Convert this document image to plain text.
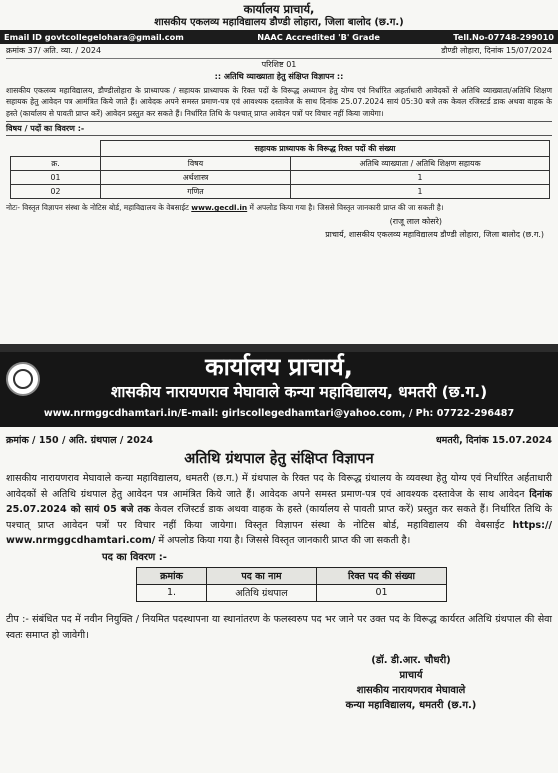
कार्यालय प्राचार्य,
शासकीय एकलव्य महाविद्यालय डौण्डी लोहारा, जिला बालोद (छ.ग.)
Email ID govtcollegelohara@gmail.com	NAAC Accredited 'B' Grade	Tell.No-07748-299010
क्रमांक 37/ अति. व्या. / 2024	डौण्डी लोहारा, दिनांक 15/07/2024
परिशिष्ट 01
:: अतिथि व्याख्याता हेतु संक्षिप्त विज्ञापन ::
शासकीय एकलव्य महाविद्यालय, डौण्डीलोहारा के प्राध्यापक / सहायक प्राध्यापक के रिक्त पदों के विरूद्ध अध्यापन हेतु योग्य एवं निर्धारित अहर्ताधारी आवेदकों से अतिथि व्याख्याता/अतिथि शिक्षण सहायक हेतु आवेदन पत्र आमंत्रित किये जाते हैं। आवेदक अपने समस्त प्रमाण-पत्र एवं आवश्यक दस्तावेज के साथ दिनांक 25.07.2024 सायं 05:30 बजे तक केवल रजिस्टर्ड डाक अथवा वाहक के हस्ते (कार्यालय से पावती प्राप्त करें) आवेदन प्रस्तुत कर सकते हैं। निर्धारित तिथि के पश्चात् प्राप्त आवेदन पत्रों पर विचार नहीं किया जायेगा।
विषय / पदों का विवरण :-
	सहायक प्राध्यापक के विरूद्ध रिक्त पदों की संख्या	
क्र.	विषय	अतिथि व्याख्याता / अतिथि शिक्षण सहायक
01	अर्थशास्त्र	1
02	गणित	1
नोटः- विस्तृत विज्ञापन संस्था के नोटिस बोर्ड, महाविद्यालय के वेबसाईट www.gecdl.in में अपलोड किया गया है। जिससे विस्तृत जानकारी प्राप्त की जा सकती है।
(राजू लाल कोसरे)
प्राचार्य, शासकीय एकलव्य महाविद्यालय डौण्डी लोहारा, जिला बालोद (छ.ग.)
कार्यालय प्राचार्य,
शासकीय नारायणराव मेघावाले कन्या महाविद्यालय, धमतरी (छ.ग.)
www.nrmggcdhamtari.in/E-mail: girlscollegedhamtari@yahoo.com, / Ph: 07722-296487
क्रमांक / 150 / अति. ग्रंथपाल / 2024	धमतरी, दिनांक 15.07.2024
अतिथि ग्रंथपाल हेतु संक्षिप्त विज्ञापन
शासकीय नारायणराव मेघावाले कन्या महाविद्यालय, धमतरी (छ.ग.) में ग्रंथपाल के रिक्त पद के विरूद्ध ग्रंथालय के व्यवस्था हेतु योग्य एवं निर्धारित अर्हताधारी आवेदकों से अतिथि ग्रंथपाल हेतु आवेदन पत्र आमंत्रित किये जाते हैं। आवेदक अपने समस्त प्रमाण-पत्र एवं आवश्यक दस्तावेज के साथ आवेदन दिनांक 25.07.2024 को सायं 05 बजे तक केवल रजिस्टर्ड डाक अथवा वाहक के हस्ते (कार्यालय से पावती प्राप्त करें) प्रस्तुत कर सकते हैं। निर्धारित तिथि के पश्चात् प्राप्त आवेदन पत्रों पर विचार नहीं किया जायेगा। विस्तृत विज्ञापन संस्था के नोटिस बोर्ड, महाविद्यालय की वेबसाईट https:// www.nrmggcdhamtari.com/ में अपलोड किया गया है। जिससे विस्तृत जानकारी प्राप्त की जा सकती है।
पद का विवरण :-
क्रमांक	पद का नाम	रिक्त पद की संख्या
1.	अतिथि ग्रंथपाल	01
टीप :- संबंधित पद में नवीन नियुक्ति / नियमित पदस्थापना या स्थानांतरण के फलस्वरुप पद भर जाने पर उक्त पद के विरूद्ध कार्यरत अतिथि ग्रंथपाल की सेवा स्वतः समाप्त हो जावेगी।
(डॉ. डी.आर. चौधरी)
प्राचार्य
शासकीय नारायणराव मेघावाले
कन्या महाविद्यालय, धमतरी (छ.ग.)
